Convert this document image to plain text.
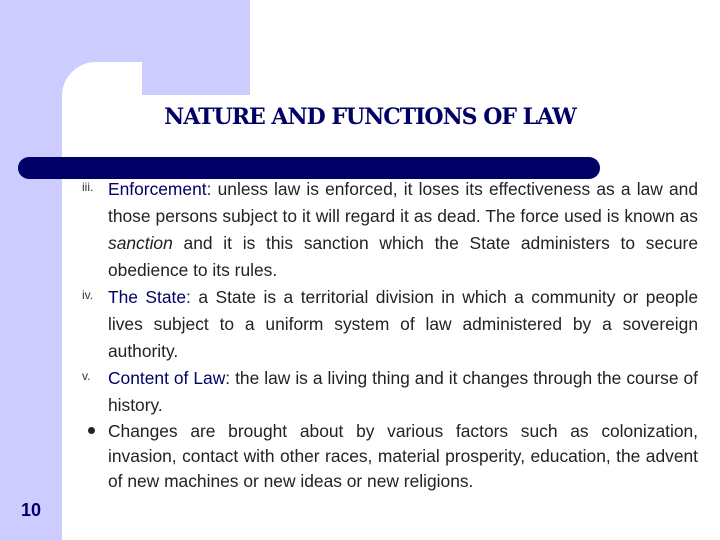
NATURE AND FUNCTIONS OF LAW
iii. Enforcement: unless law is enforced, it loses its effectiveness as a law and those persons subject to it will regard it as dead. The force used is known as sanction and it is this sanction which the State administers to secure obedience to its rules.
iv. The State: a State is a territorial division in which a community or people lives subject to a uniform system of law administered by a sovereign authority.
v. Content of Law: the law is a living thing and it changes through the course of history.
Changes are brought about by various factors such as colonization, invasion, contact with other races, material prosperity, education, the advent of new machines or new ideas or new religions.
10
